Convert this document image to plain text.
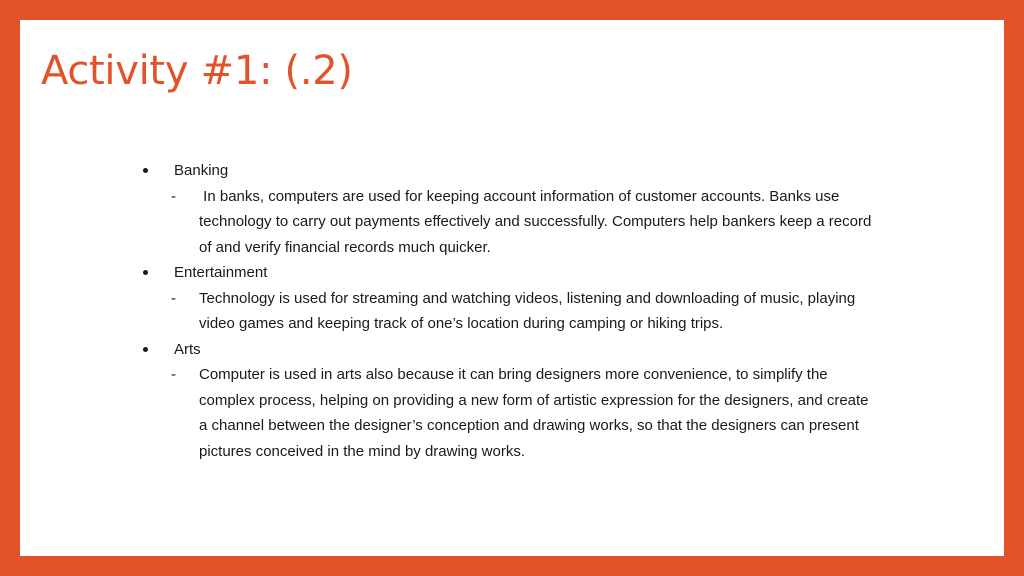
Activity #1: (.2)
Banking
- In banks, computers are used for keeping account information of customer accounts. Banks use technology to carry out payments effectively and successfully. Computers help bankers keep a record of and verify financial records much quicker.
Entertainment
- Technology is used for streaming and watching videos, listening and downloading of music, playing video games and keeping track of one’s location during camping or hiking trips.
Arts
- Computer is used in arts also because it can bring designers more convenience, to simplify the complex process, helping on providing a new form of artistic expression for the designers, and create a channel between the designer’s conception and drawing works, so that the designers can present pictures conceived in the mind by drawing works.
